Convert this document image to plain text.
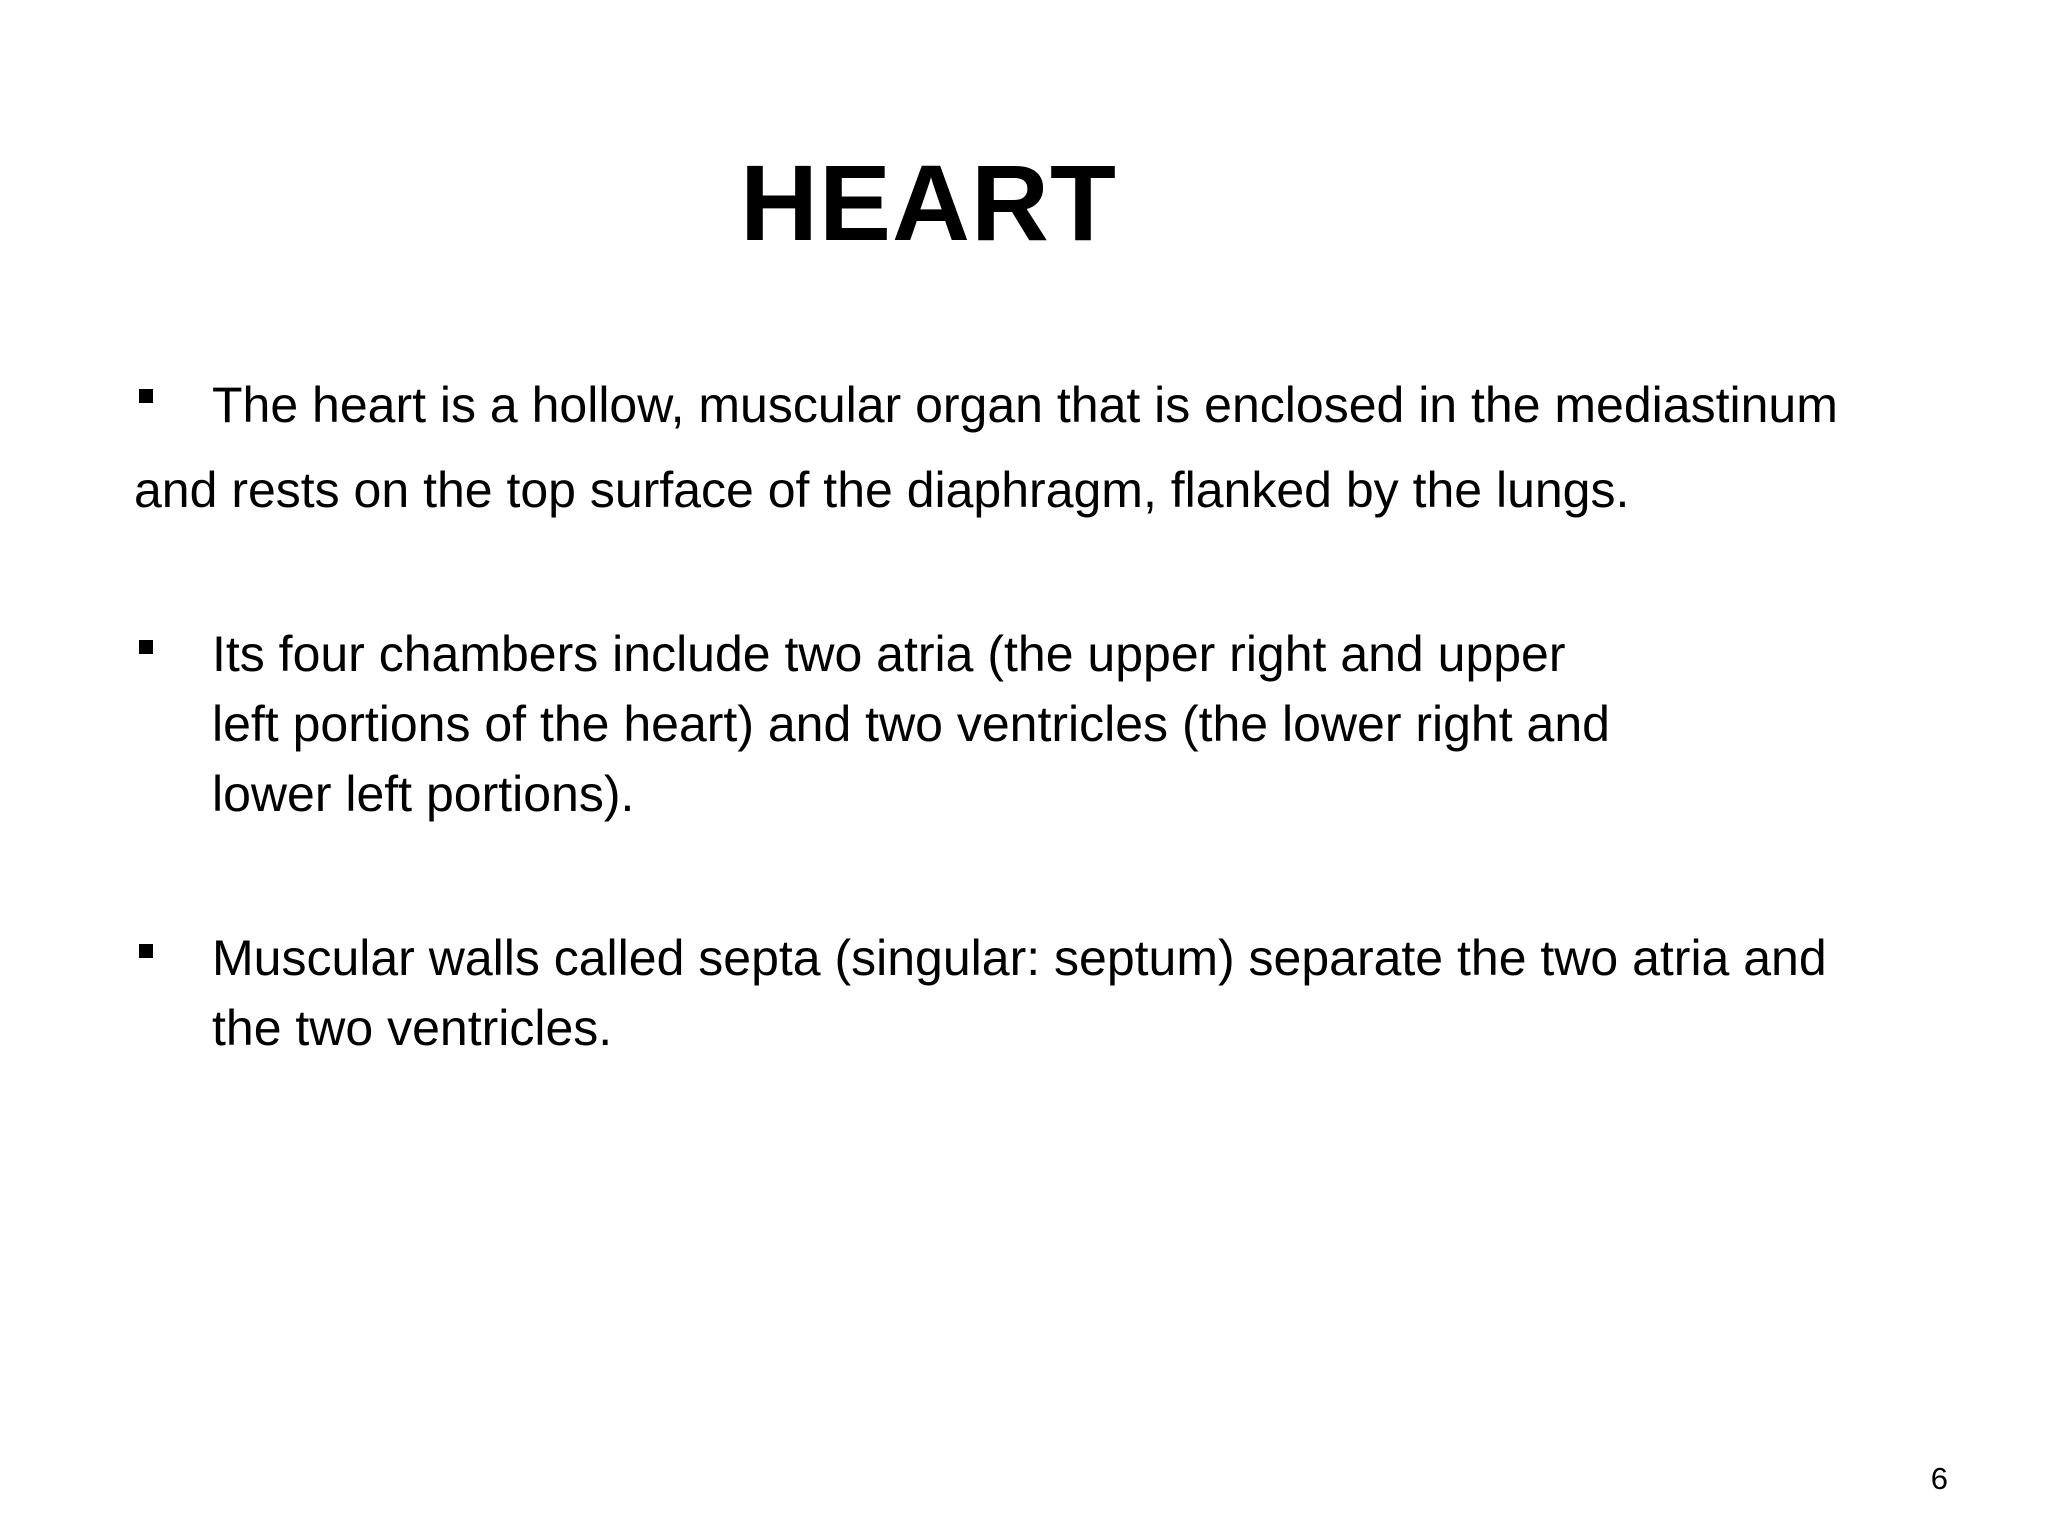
HEART
The heart is a hollow, muscular organ that is enclosed in the mediastinum
and rests on the top surface of the diaphragm, flanked by the lungs.
Its four chambers include two atria (the upper right and upper
left portions of the heart) and two ventricles (the lower right and
lower left portions).
Muscular walls called septa (singular: septum) separate the two atria and
the two ventricles.
6
